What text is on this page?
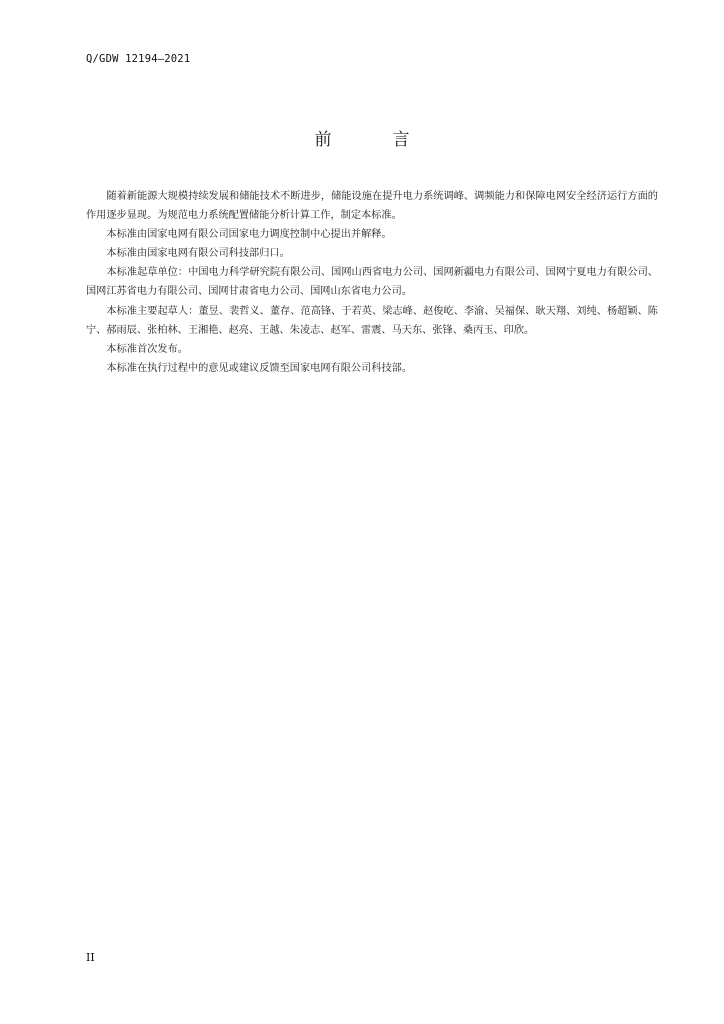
Q/GDW 12194—2021
前　言

随着新能源大规模持续发展和储能技术不断进步，储能设施在提升电力系统调峰、调频能力和保障电网安全经济运行方面的作用逐步显现。为规范电力系统配置储能分析计算工作，制定本标准。

本标准由国家电网有限公司国家电力调度控制中心提出并解释。

本标准由国家电网有限公司科技部归口。

本标准起草单位：中国电力科学研究院有限公司、国网山西省电力公司、国网新疆电力有限公司、国网宁夏电力有限公司、国网江苏省电力有限公司、国网甘肃省电力公司、国网山东省电力公司。

本标准主要起草人：董昱、裴哲义、董存、范高锋、于若英、梁志峰、赵俊屹、李渝、吴福保、耿天翔、刘纯、杨超颖、陈宁、郝雨辰、张柏林、王湘艳、赵亮、王越、朱凌志、赵军、雷震、马天东、张锋、桑丙玉、印欣。

本标准首次发布。

本标准在执行过程中的意见或建议反馈至国家电网有限公司科技部。

II
